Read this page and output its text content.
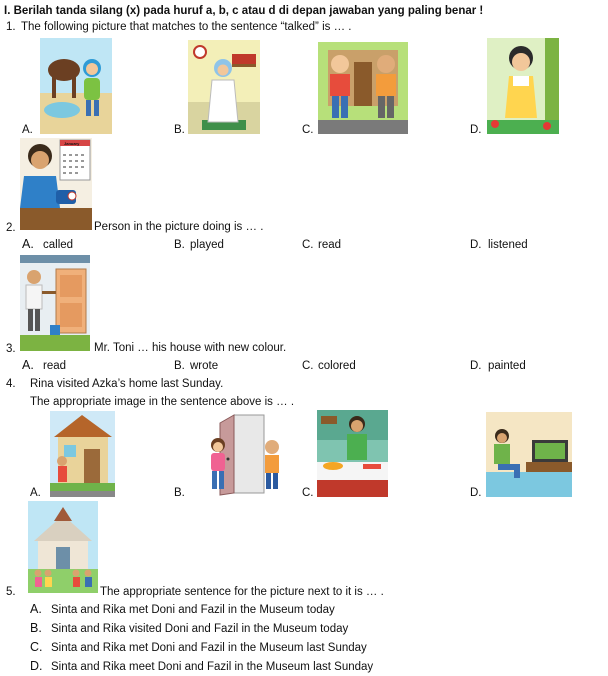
I. Berilah tanda silang (x) pada huruf a, b, c atau d di depan jawaban yang paling benar !
1. The following picture that matches to the sentence “talked” is … .
A.	B.	C.	D.
January
2.	Person in the picture doing is … .
A. called	B. played	C. read	D. listened
3.	Mr. Toni … his house with new colour.
A. read	B. wrote	C. colored	D. painted
4. Rina visited Azka’s home last Sunday.
The appropriate image in the sentence above is … .
A.	B.	C.	D.
5.	The appropriate sentence for the picture next to it is … .
A. Sinta and Rika met Doni and Fazil in the Museum today
B. Sinta and Rika visited Doni and Fazil in the Museum today
C. Sinta and Rika met Doni and Fazil in the Museum last Sunday
D. Sinta and Rika meet Doni and Fazil in the Museum last Sunday
